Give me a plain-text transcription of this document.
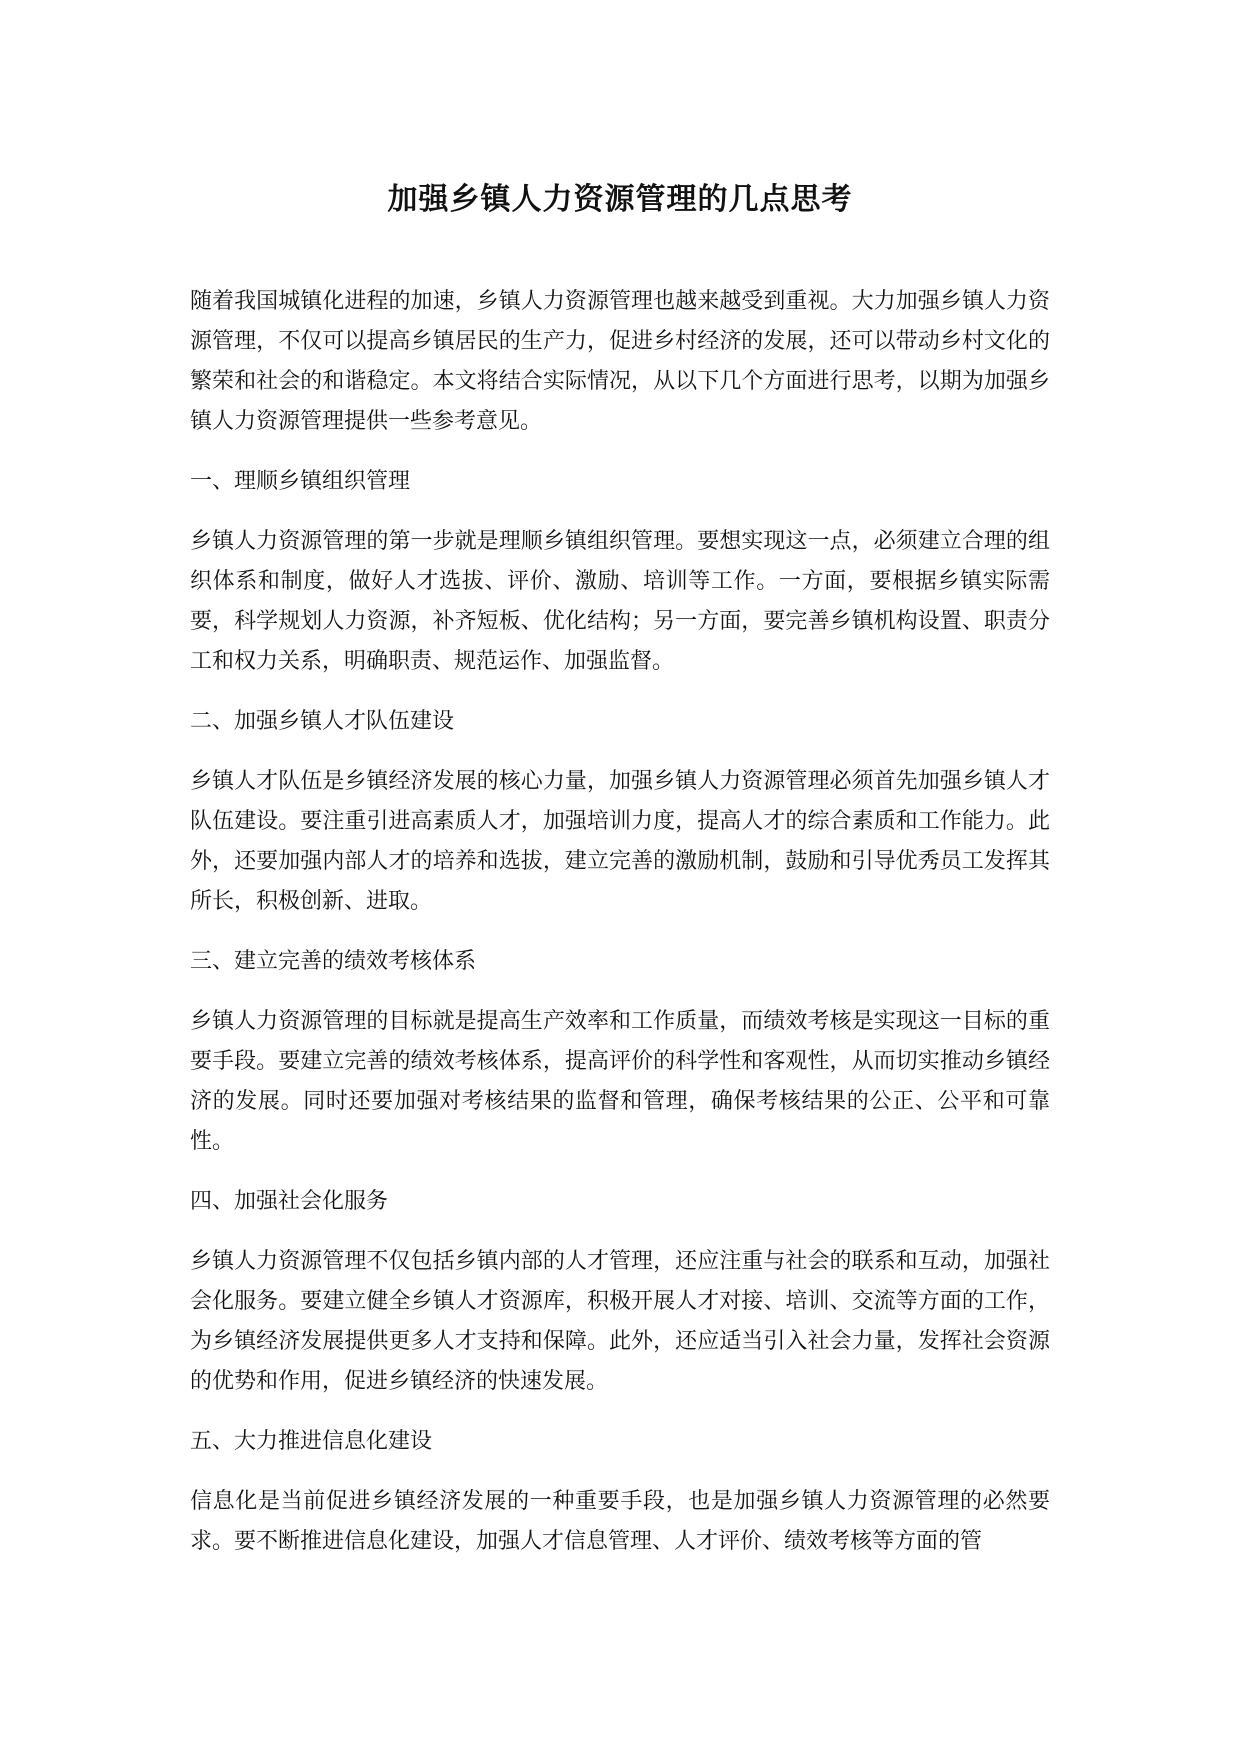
加强乡镇人力资源管理的几点思考

随着我国城镇化进程的加速，乡镇人力资源管理也越来越受到重视。大力加强乡镇人力资源管理，不仅可以提高乡镇居民的生产力，促进乡村经济的发展，还可以带动乡村文化的繁荣和社会的和谐稳定。本文将结合实际情况，从以下几个方面进行思考，以期为加强乡镇人力资源管理提供一些参考意见。

一、理顺乡镇组织管理

乡镇人力资源管理的第一步就是理顺乡镇组织管理。要想实现这一点，必须建立合理的组织体系和制度，做好人才选拔、评价、激励、培训等工作。一方面，要根据乡镇实际需要，科学规划人力资源，补齐短板、优化结构；另一方面，要完善乡镇机构设置、职责分工和权力关系，明确职责、规范运作、加强监督。

二、加强乡镇人才队伍建设

乡镇人才队伍是乡镇经济发展的核心力量，加强乡镇人力资源管理必须首先加强乡镇人才队伍建设。要注重引进高素质人才，加强培训力度，提高人才的综合素质和工作能力。此外，还要加强内部人才的培养和选拔，建立完善的激励机制，鼓励和引导优秀员工发挥其所长，积极创新、进取。

三、建立完善的绩效考核体系

乡镇人力资源管理的目标就是提高生产效率和工作质量，而绩效考核是实现这一目标的重要手段。要建立完善的绩效考核体系，提高评价的科学性和客观性，从而切实推动乡镇经济的发展。同时还要加强对考核结果的监督和管理，确保考核结果的公正、公平和可靠性。

四、加强社会化服务

乡镇人力资源管理不仅包括乡镇内部的人才管理，还应注重与社会的联系和互动，加强社会化服务。要建立健全乡镇人才资源库，积极开展人才对接、培训、交流等方面的工作，为乡镇经济发展提供更多人才支持和保障。此外，还应适当引入社会力量，发挥社会资源的优势和作用，促进乡镇经济的快速发展。

五、大力推进信息化建设

信息化是当前促进乡镇经济发展的一种重要手段，也是加强乡镇人力资源管理的必然要求。要不断推进信息化建设，加强人才信息管理、人才评价、绩效考核等方面的管
